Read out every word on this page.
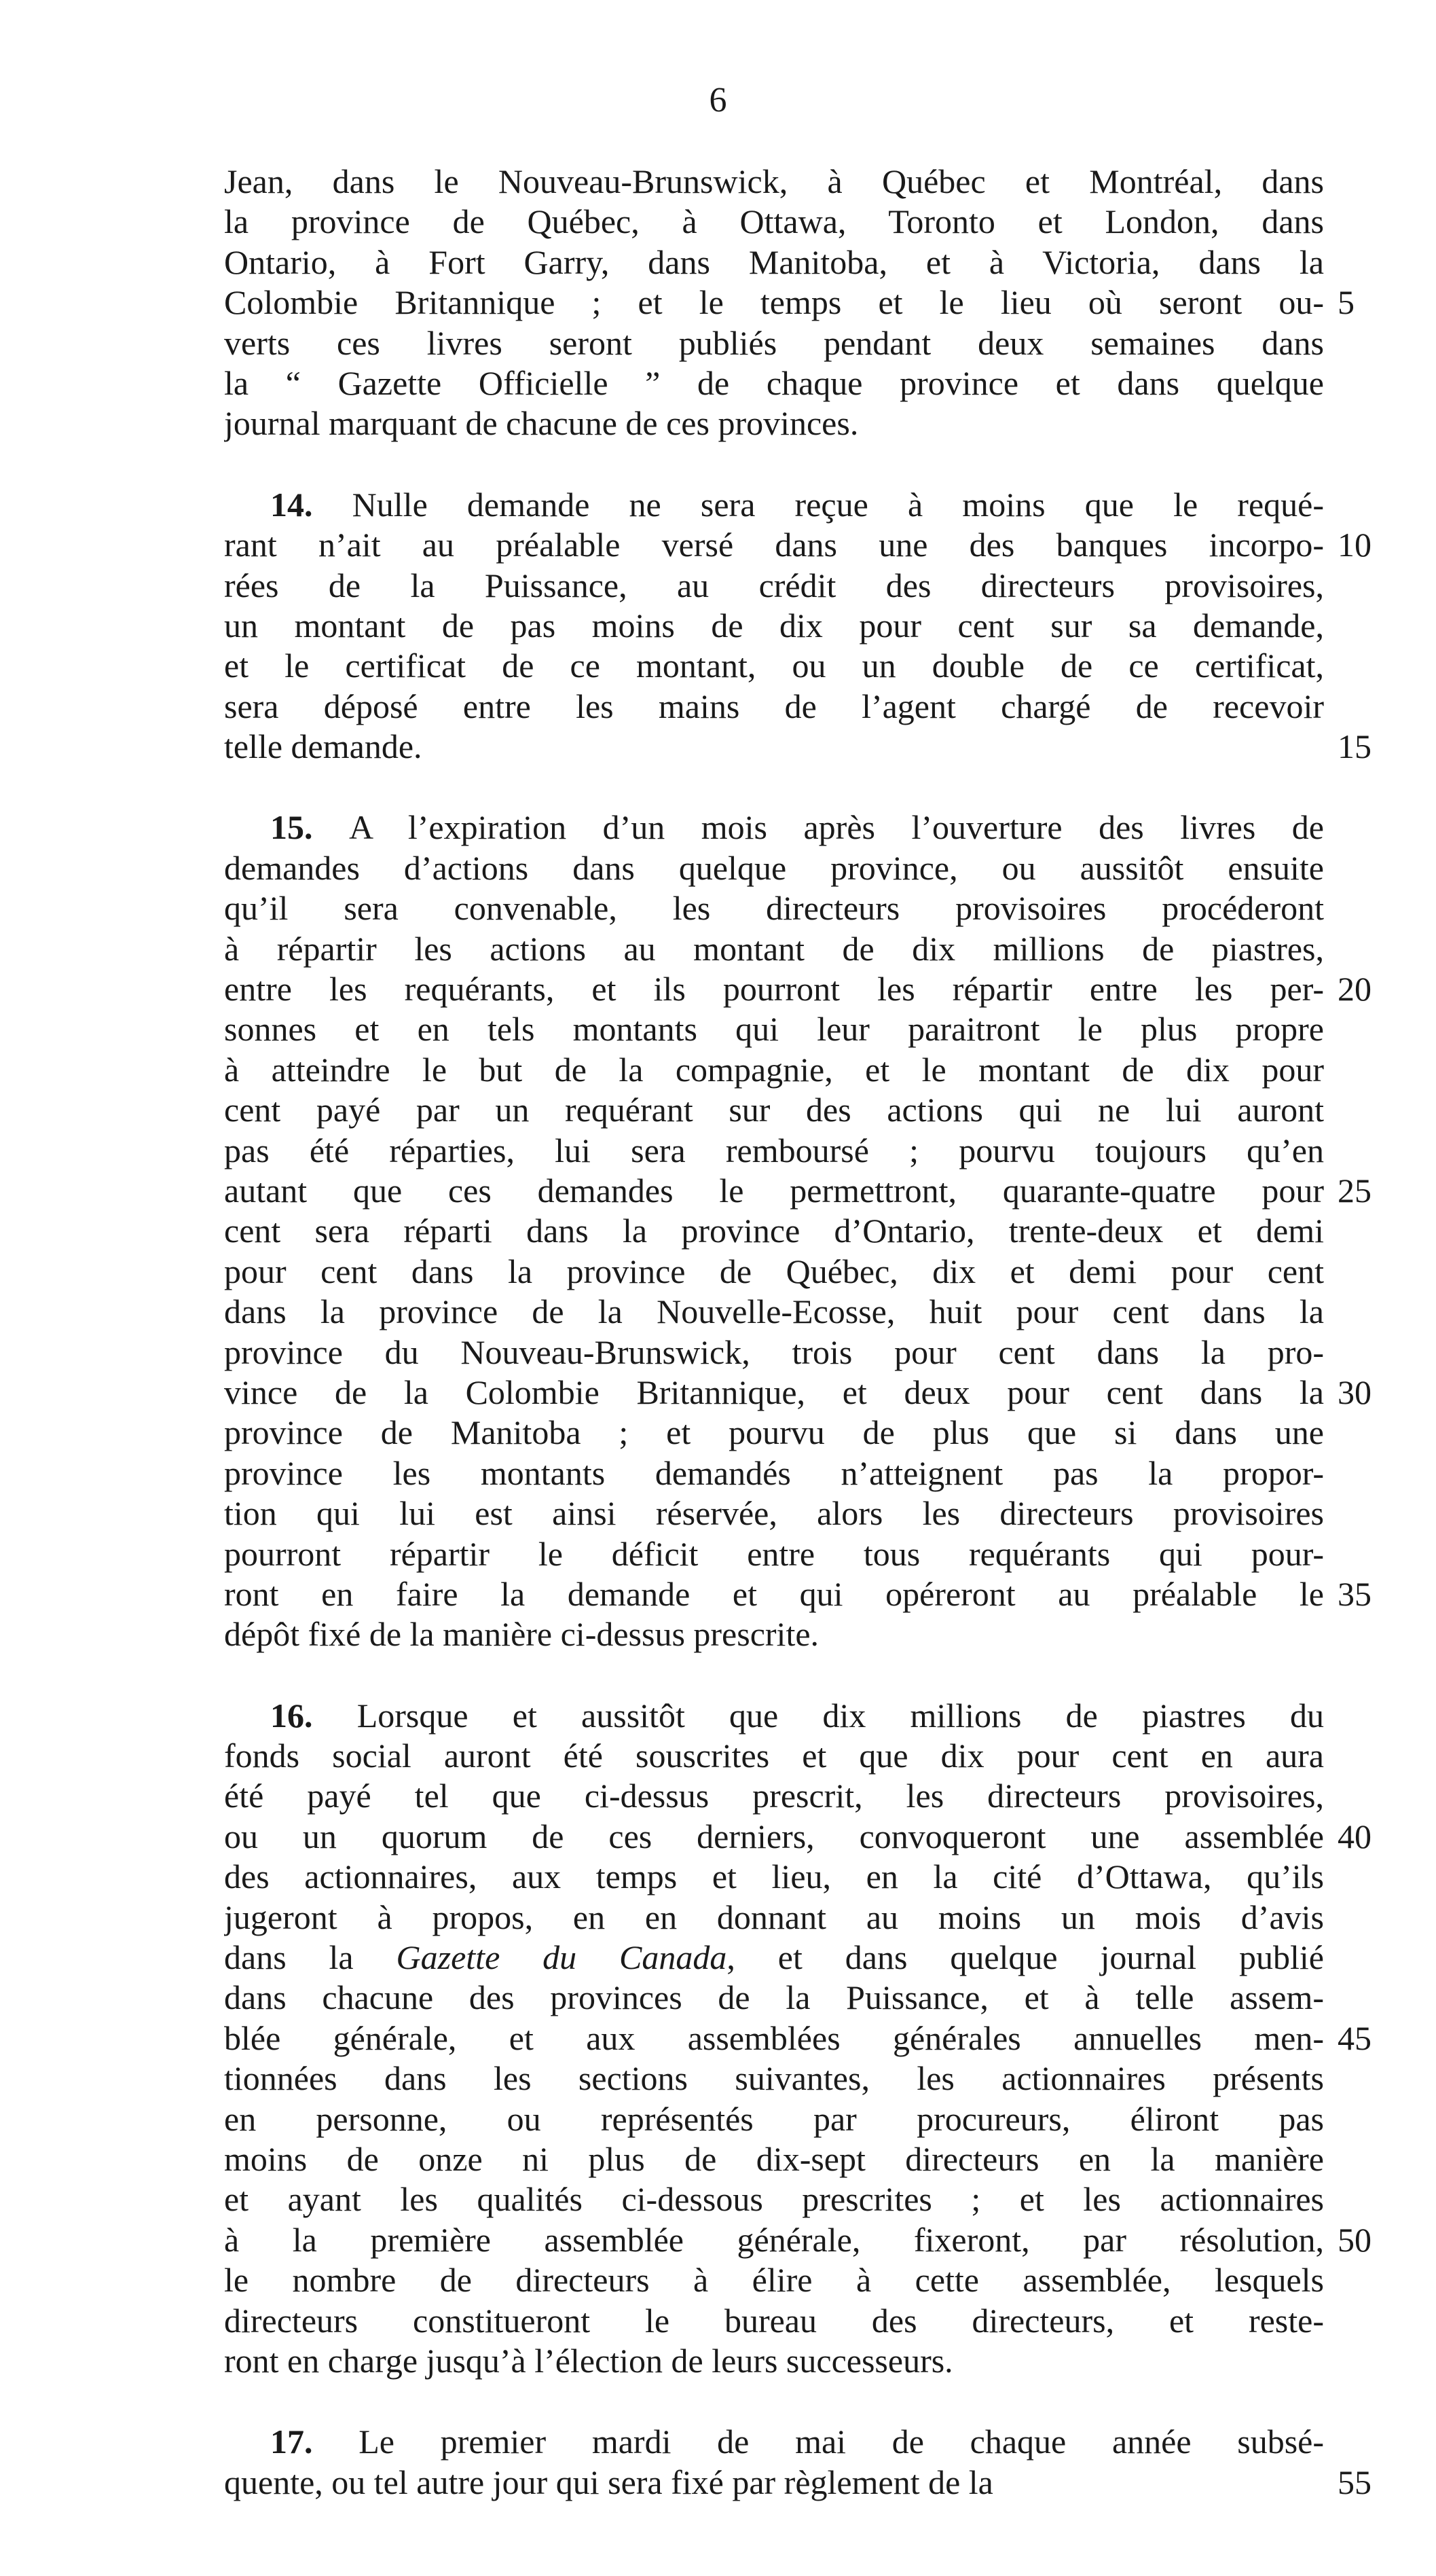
6
Jean, dans le Nouveau-Brunswick, à Québec et Montréal, dans
la province de Québec, à Ottawa, Toronto et London, dans
Ontario, à Fort Garry, dans Manitoba, et à Victoria, dans la
Colombie Britannique ; et le temps et le lieu où seront ou- 5
verts ces livres seront publiés pendant deux semaines dans
la “ Gazette Officielle ” de chaque province et dans quelque
journal marquant de chacune de ces provinces.
14. Nulle demande ne sera reçue à moins que le requé-
rant n’ait au préalable versé dans une des banques incorpo- 10
rées de la Puissance, au crédit des directeurs provisoires,
un montant de pas moins de dix pour cent sur sa demande,
et le certificat de ce montant, ou un double de ce certificat,
sera déposé entre les mains de l’agent chargé de recevoir
telle demande.	15
15. A l’expiration d’un mois après l’ouverture des livres de
demandes d’actions dans quelque province, ou aussitôt ensuite
qu’il sera convenable, les directeurs provisoires procéderont
à répartir les actions au montant de dix millions de piastres,
entre les requérants, et ils pourront les répartir entre les per- 20
sonnes et en tels montants qui leur paraitront le plus propre
à atteindre le but de la compagnie, et le montant de dix pour
cent payé par un requérant sur des actions qui ne lui auront
pas été réparties, lui sera remboursé ; pourvu toujours qu’en
autant que ces demandes le permettront, quarante-quatre pour 25
cent sera réparti dans la province d’Ontario, trente-deux et demi
pour cent dans la province de Québec, dix et demi pour cent
dans la province de la Nouvelle-Ecosse, huit pour cent dans la
province du Nouveau-Brunswick, trois pour cent dans la pro-
vince de la Colombie Britannique, et deux pour cent dans la 30
province de Manitoba ; et pourvu de plus que si dans une
province les montants demandés n’atteignent pas la propor-
tion qui lui est ainsi réservée, alors les directeurs provisoires
pourront répartir le déficit entre tous requérants qui pour-
ront en faire la demande et qui opéreront au préalable le 35
dépôt fixé de la manière ci-dessus prescrite.
16. Lorsque et aussitôt que dix millions de piastres du
fonds social auront été souscrites et que dix pour cent en aura
été payé tel que ci-dessus prescrit, les directeurs provisoires,
ou un quorum de ces derniers, convoqueront une assemblée 40
des actionnaires, aux temps et lieu, en la cité d’Ottawa, qu’ils
jugeront à propos, en en donnant au moins un mois d’avis
dans la Gazette du Canada, et dans quelque journal publié
dans chacune des provinces de la Puissance, et à telle assem-
blée générale, et aux assemblées générales annuelles men- 45
tionnées dans les sections suivantes, les actionnaires présents
en personne, ou représentés par procureurs, éliront pas
moins de onze ni plus de dix-sept directeurs en la manière
et ayant les qualités ci-dessous prescrites ; et les actionnaires
à la première assemblée générale, fixeront, par résolution, 50
le nombre de directeurs à élire à cette assemblée, lesquels
directeurs constitueront le bureau des directeurs, et reste-
ront en charge jusqu’à l’élection de leurs successeurs.
17. Le premier mardi de mai de chaque année subsé-
quente, ou tel autre jour qui sera fixé par règlement de la	55
